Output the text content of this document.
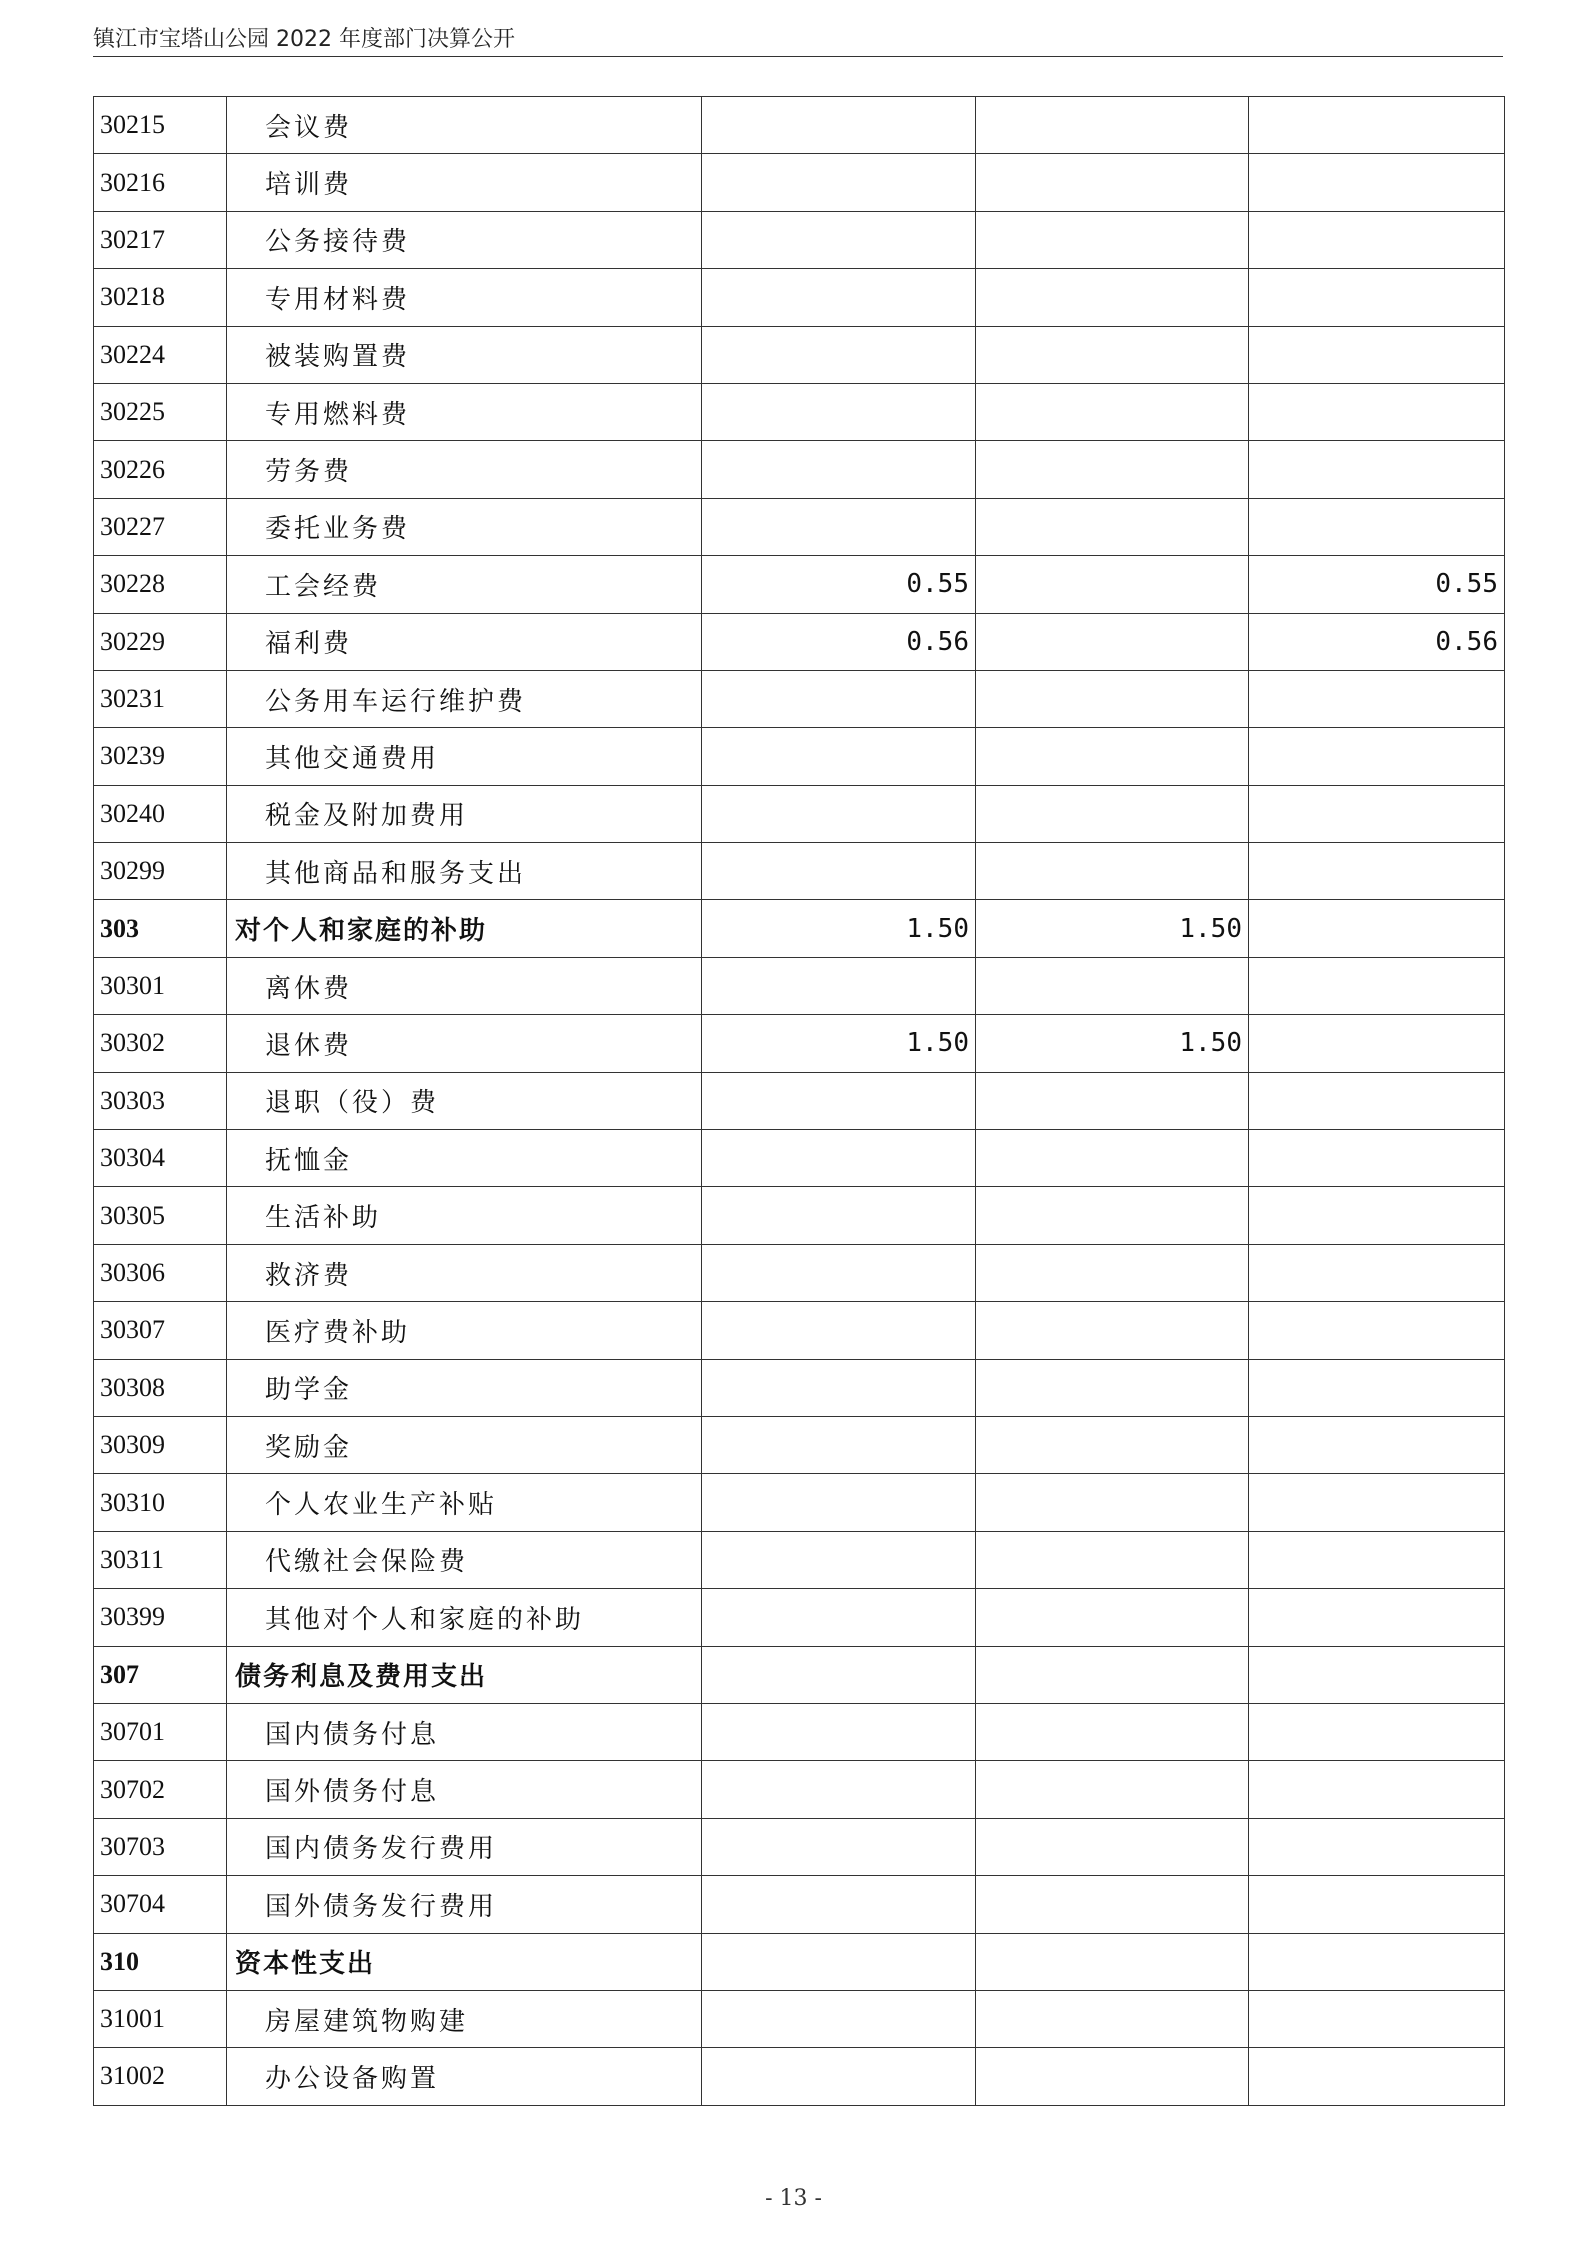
镇江市宝塔山公园 2022 年度部门决算公开
30215	会议费			
30216	培训费			
30217	公务接待费			
30218	专用材料费			
30224	被装购置费			
30225	专用燃料费			
30226	劳务费			
30227	委托业务费			
30228	工会经费	0.55		0.55
30229	福利费	0.56		0.56
30231	公务用车运行维护费			
30239	其他交通费用			
30240	税金及附加费用			
30299	其他商品和服务支出			
303	对个人和家庭的补助	1.50	1.50	
30301	离休费			
30302	退休费	1.50	1.50	
30303	退职（役）费			
30304	抚恤金			
30305	生活补助			
30306	救济费			
30307	医疗费补助			
30308	助学金			
30309	奖励金			
30310	个人农业生产补贴			
30311	代缴社会保险费			
30399	其他对个人和家庭的补助			
307	债务利息及费用支出			
30701	国内债务付息			
30702	国外债务付息			
30703	国内债务发行费用			
30704	国外债务发行费用			
310	资本性支出			
31001	房屋建筑物购建			
31002	办公设备购置			
- 13 -
